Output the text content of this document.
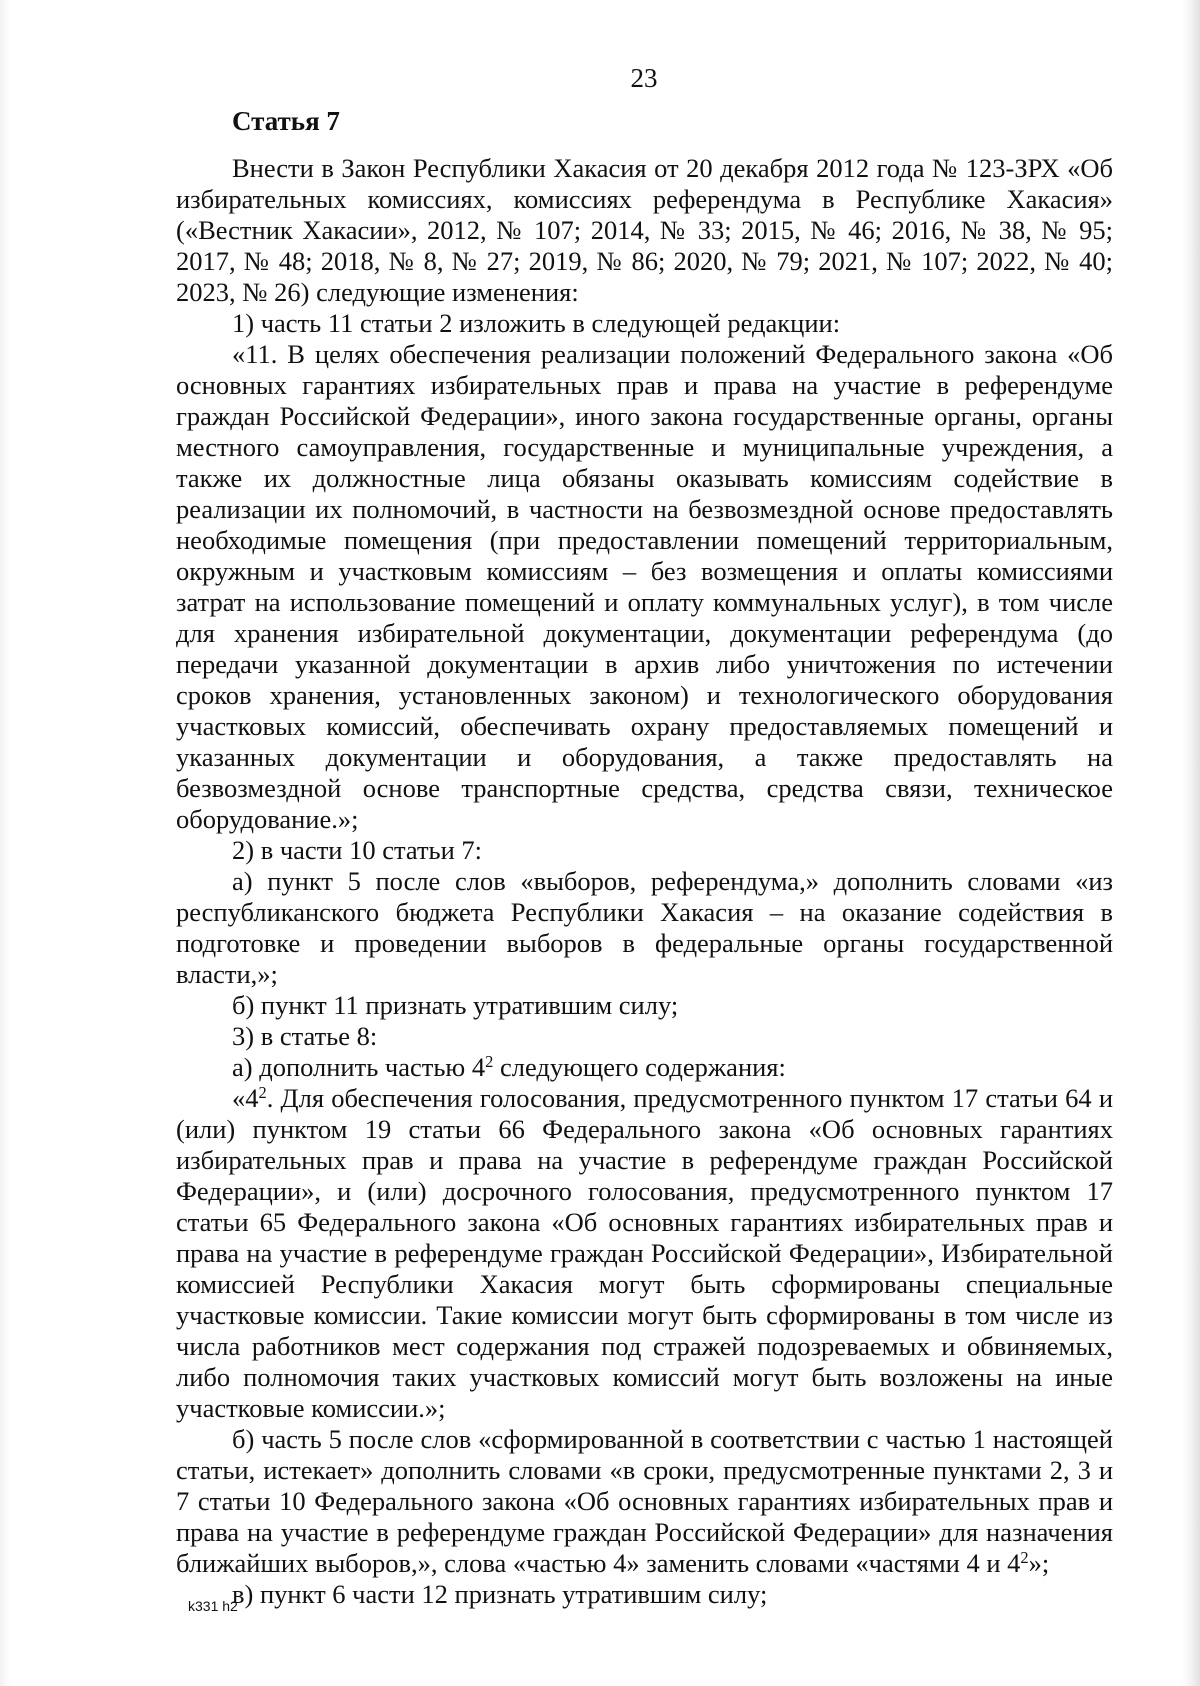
23
Статья 7

Внести в Закон Республики Хакасия от 20 декабря 2012 года № 123-ЗРХ «Об избирательных комиссиях, комиссиях референдума в Республике Хакасия» («Вестник Хакасии», 2012, № 107; 2014, № 33; 2015, № 46; 2016, № 38, № 95; 2017, № 48; 2018, № 8, № 27; 2019, № 86; 2020, № 79; 2021, № 107; 2022, № 40; 2023, № 26) следующие изменения:

1) часть 11 статьи 2 изложить в следующей редакции:

«11. В целях обеспечения реализации положений Федерального закона «Об основных гарантиях избирательных прав и права на участие в референдуме граждан Российской Федерации», иного закона государственные органы, органы местного самоуправления, государственные и муниципальные учреждения, а также их должностные лица обязаны оказывать комиссиям содействие в реализации их полномочий, в частности на безвозмездной основе предоставлять необходимые помещения (при предоставлении помещений территориальным, окружным и участковым комиссиям – без возмещения и оплаты комиссиями затрат на использование помещений и оплату коммунальных услуг), в том числе для хранения избирательной документации, документации референдума (до передачи указанной документации в архив либо уничтожения по истечении сроков хранения, установленных законом) и технологического оборудования участковых комиссий, обеспечивать охрану предоставляемых помещений и указанных документации и оборудования, а также предоставлять на безвозмездной основе транспортные средства, средства связи, техническое оборудование.»;

2) в части 10 статьи 7:

а) пункт 5 после слов «выборов, референдума,» дополнить словами «из республиканского бюджета Республики Хакасия – на оказание содействия в подготовке и проведении выборов в федеральные органы государственной власти,»;

б) пункт 11 признать утратившим силу;

3) в статье 8:

а) дополнить частью $4^2$ следующего содержания:

«$4^2$. Для обеспечения голосования, предусмотренного пунктом 17 статьи 64 и (или) пунктом 19 статьи 66 Федерального закона «Об основных гарантиях избирательных прав и права на участие в референдуме граждан Российской Федерации», и (или) досрочного голосования, предусмотренного пунктом 17 статьи 65 Федерального закона «Об основных гарантиях избирательных прав и права на участие в референдуме граждан Российской Федерации», Избирательной комиссией Республики Хакасия могут быть сформированы специальные участковые комиссии. Такие комиссии могут быть сформированы в том числе из числа работников мест содержания под стражей подозреваемых и обвиняемых, либо полномочия таких участковых комиссий могут быть возложены на иные участковые комиссии.»;

б) часть 5 после слов «сформированной в соответствии с частью 1 настоящей статьи, истекает» дополнить словами «в сроки, предусмотренные пунктами 2, 3 и 7 статьи 10 Федерального закона «Об основных гарантиях избирательных прав и права на участие в референдуме граждан Российской Федерации» для назначения ближайших выборов,», слова «частью 4» заменить словами «частями 4 и $4^2$»;

в) пункт 6 части 12 признать утратившим силу;

k331 h2
